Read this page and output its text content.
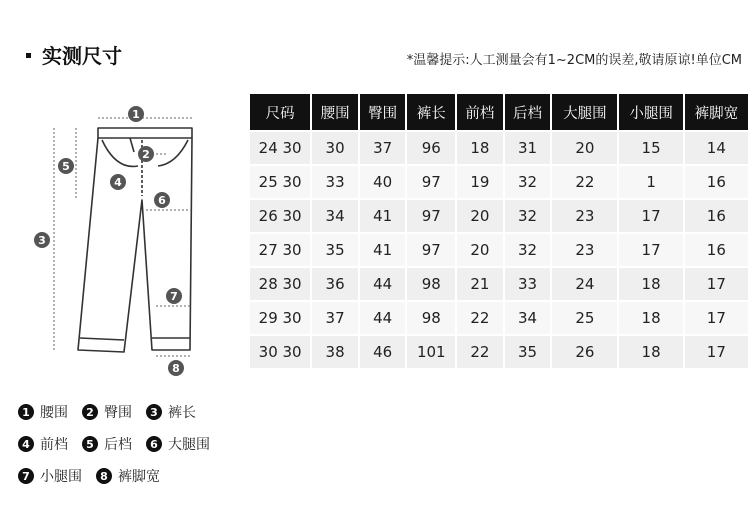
实测尺寸	*温馨提示:人工测量会有1~2CM的误差,敬请原谅!单位CM
1
2
3
4
5
6
7
8
尺码	腰围	臀围	裤长	前档	后档	大腿围	小腿围	裤脚宽
24 30	30	37	96	18	31	20	15	14
25 30	33	40	97	19	32	22	1	16
26 30	34	41	97	20	32	23	17	16
27 30	35	41	97	20	32	23	17	16
28 30	36	44	98	21	33	24	18	17
29 30	37	44	98	22	34	25	18	17
30 30	38	46	101	22	35	26	18	17
1 腰围	2 臀围	3 裤长
4 前档	5 后档	6 大腿围
7 小腿围	8 裤脚宽
